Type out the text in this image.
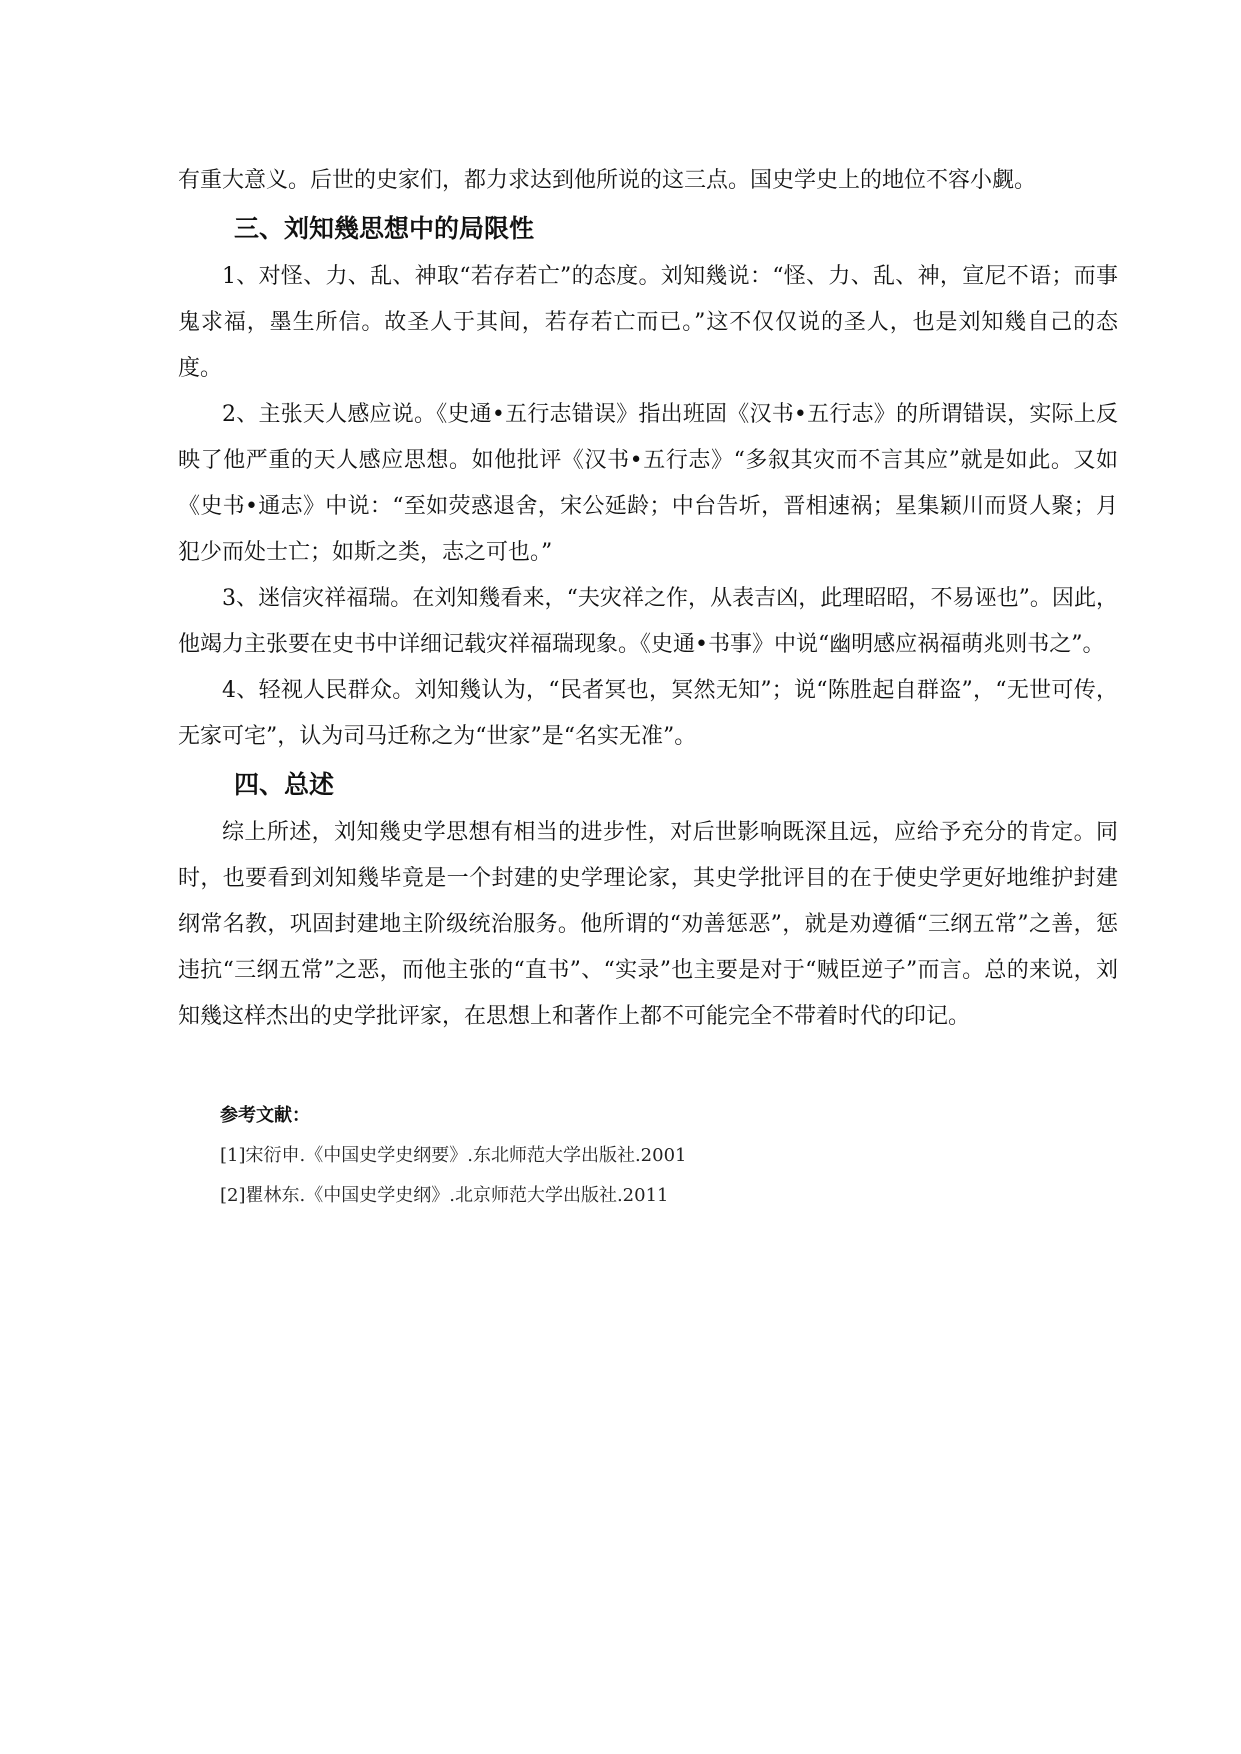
有重大意义。后世的史家们，都力求达到他所说的这三点。国史学史上的地位不容小觑。

三、刘知幾思想中的局限性

1、对怪、力、乱、神取“若存若亡”的态度。刘知幾说：“怪、力、乱、神，宣尼不语；而事鬼求福，墨生所信。故圣人于其间，若存若亡而已。”这不仅仅说的圣人，也是刘知幾自己的态度。

2、主张天人感应说。《史通•五行志错误》指出班固《汉书•五行志》的所谓错误，实际上反映了他严重的天人感应思想。如他批评《汉书•五行志》“多叙其灾而不言其应”就是如此。又如《史书•通志》中说：“至如荧惑退舍，宋公延龄；中台告圻，晋相速祸；星集颖川而贤人聚；月犯少而处士亡；如斯之类，志之可也。”

3、迷信灾祥福瑞。在刘知幾看来，“夫灾祥之作，从表吉凶，此理昭昭，不易诬也”。因此，他竭力主张要在史书中详细记载灾祥福瑞现象。《史通•书事》中说“幽明感应祸福萌兆则书之”。

4、轻视人民群众。刘知幾认为，“民者冥也，冥然无知”；说“陈胜起自群盗”，“无世可传，无家可宅”，认为司马迁称之为“世家”是“名实无准”。

四、总述

综上所述，刘知幾史学思想有相当的进步性，对后世影响既深且远，应给予充分的肯定。同时，也要看到刘知幾毕竟是一个封建的史学理论家，其史学批评目的在于使史学更好地维护封建纲常名教，巩固封建地主阶级统治服务。他所谓的“劝善惩恶”，就是劝遵循“三纲五常”之善，惩违抗“三纲五常”之恶，而他主张的“直书”、“实录”也主要是对于“贼臣逆子”而言。总的来说，刘知幾这样杰出的史学批评家，在思想上和著作上都不可能完全不带着时代的印记。

参考文献：

[1]宋衍申.《中国史学史纲要》.东北师范大学出版社.2001

[2]瞿林东.《中国史学史纲》.北京师范大学出版社.2011
